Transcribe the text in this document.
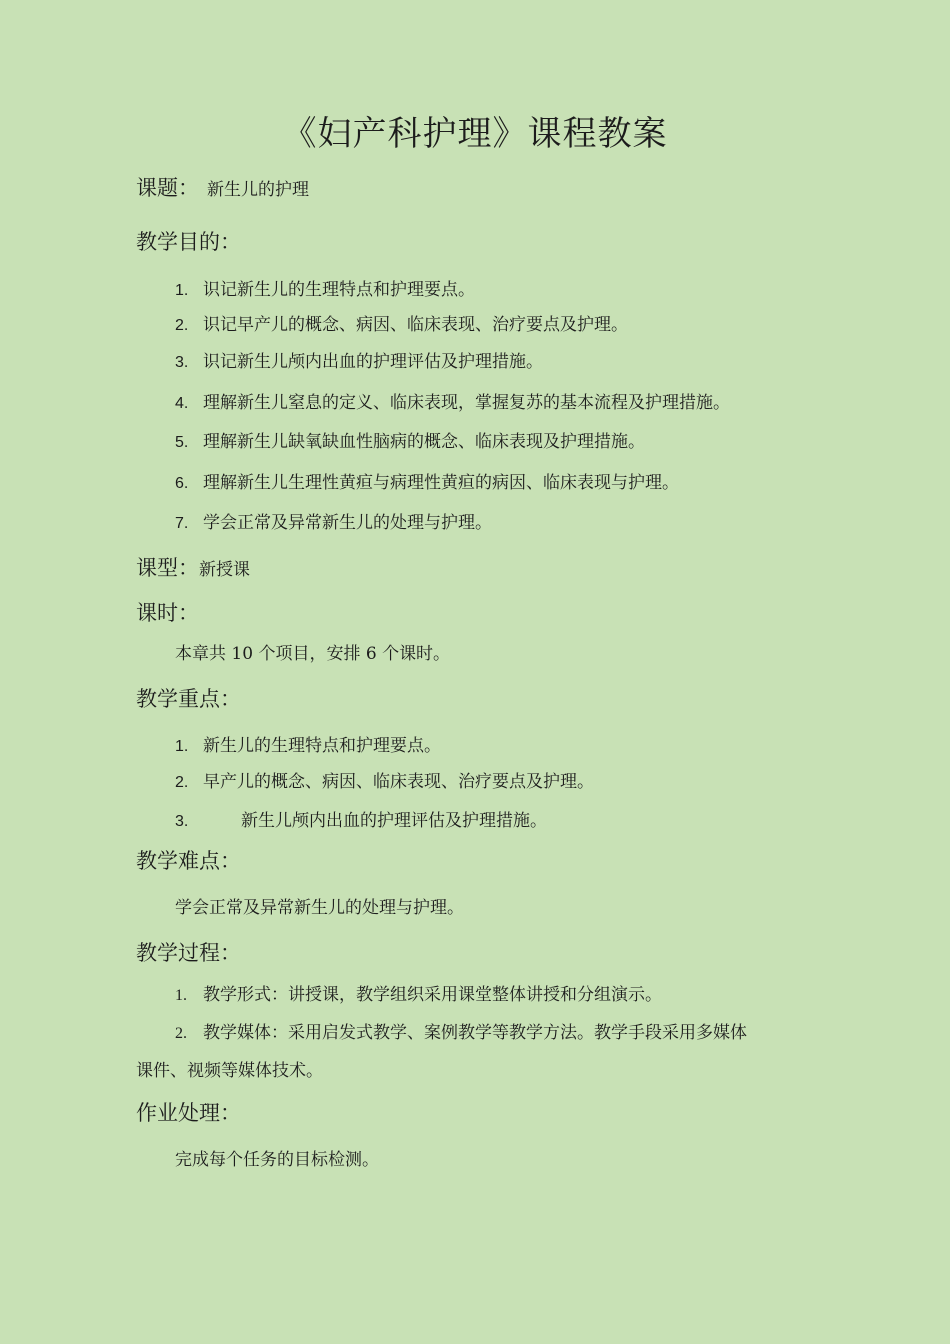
《妇产科护理》课程教案
课题： 新生儿的护理
教学目的：
1. 识记新生儿的生理特点和护理要点。
2. 识记早产儿的概念、病因、临床表现、治疗要点及护理。
3. 识记新生儿颅内出血的护理评估及护理措施。
4. 理解新生儿窒息的定义、临床表现，掌握复苏的基本流程及护理措施。
5. 理解新生儿缺氧缺血性脑病的概念、临床表现及护理措施。
6. 理解新生儿生理性黄疸与病理性黄疸的病因、临床表现与护理。
7. 学会正常及异常新生儿的处理与护理。
课型：新授课
课时：
本章共 10 个项目，安排 6 个课时。
教学重点：
1. 新生儿的生理特点和护理要点。
2. 早产儿的概念、病因、临床表现、治疗要点及护理。
3.	新生儿颅内出血的护理评估及护理措施。
教学难点：
学会正常及异常新生儿的处理与护理。
教学过程：
1. 教学形式：讲授课，教学组织采用课堂整体讲授和分组演示。
2. 教学媒体：采用启发式教学、案例教学等教学方法。教学手段采用多媒体
课件、视频等媒体技术。
作业处理：
完成每个任务的目标检测。
